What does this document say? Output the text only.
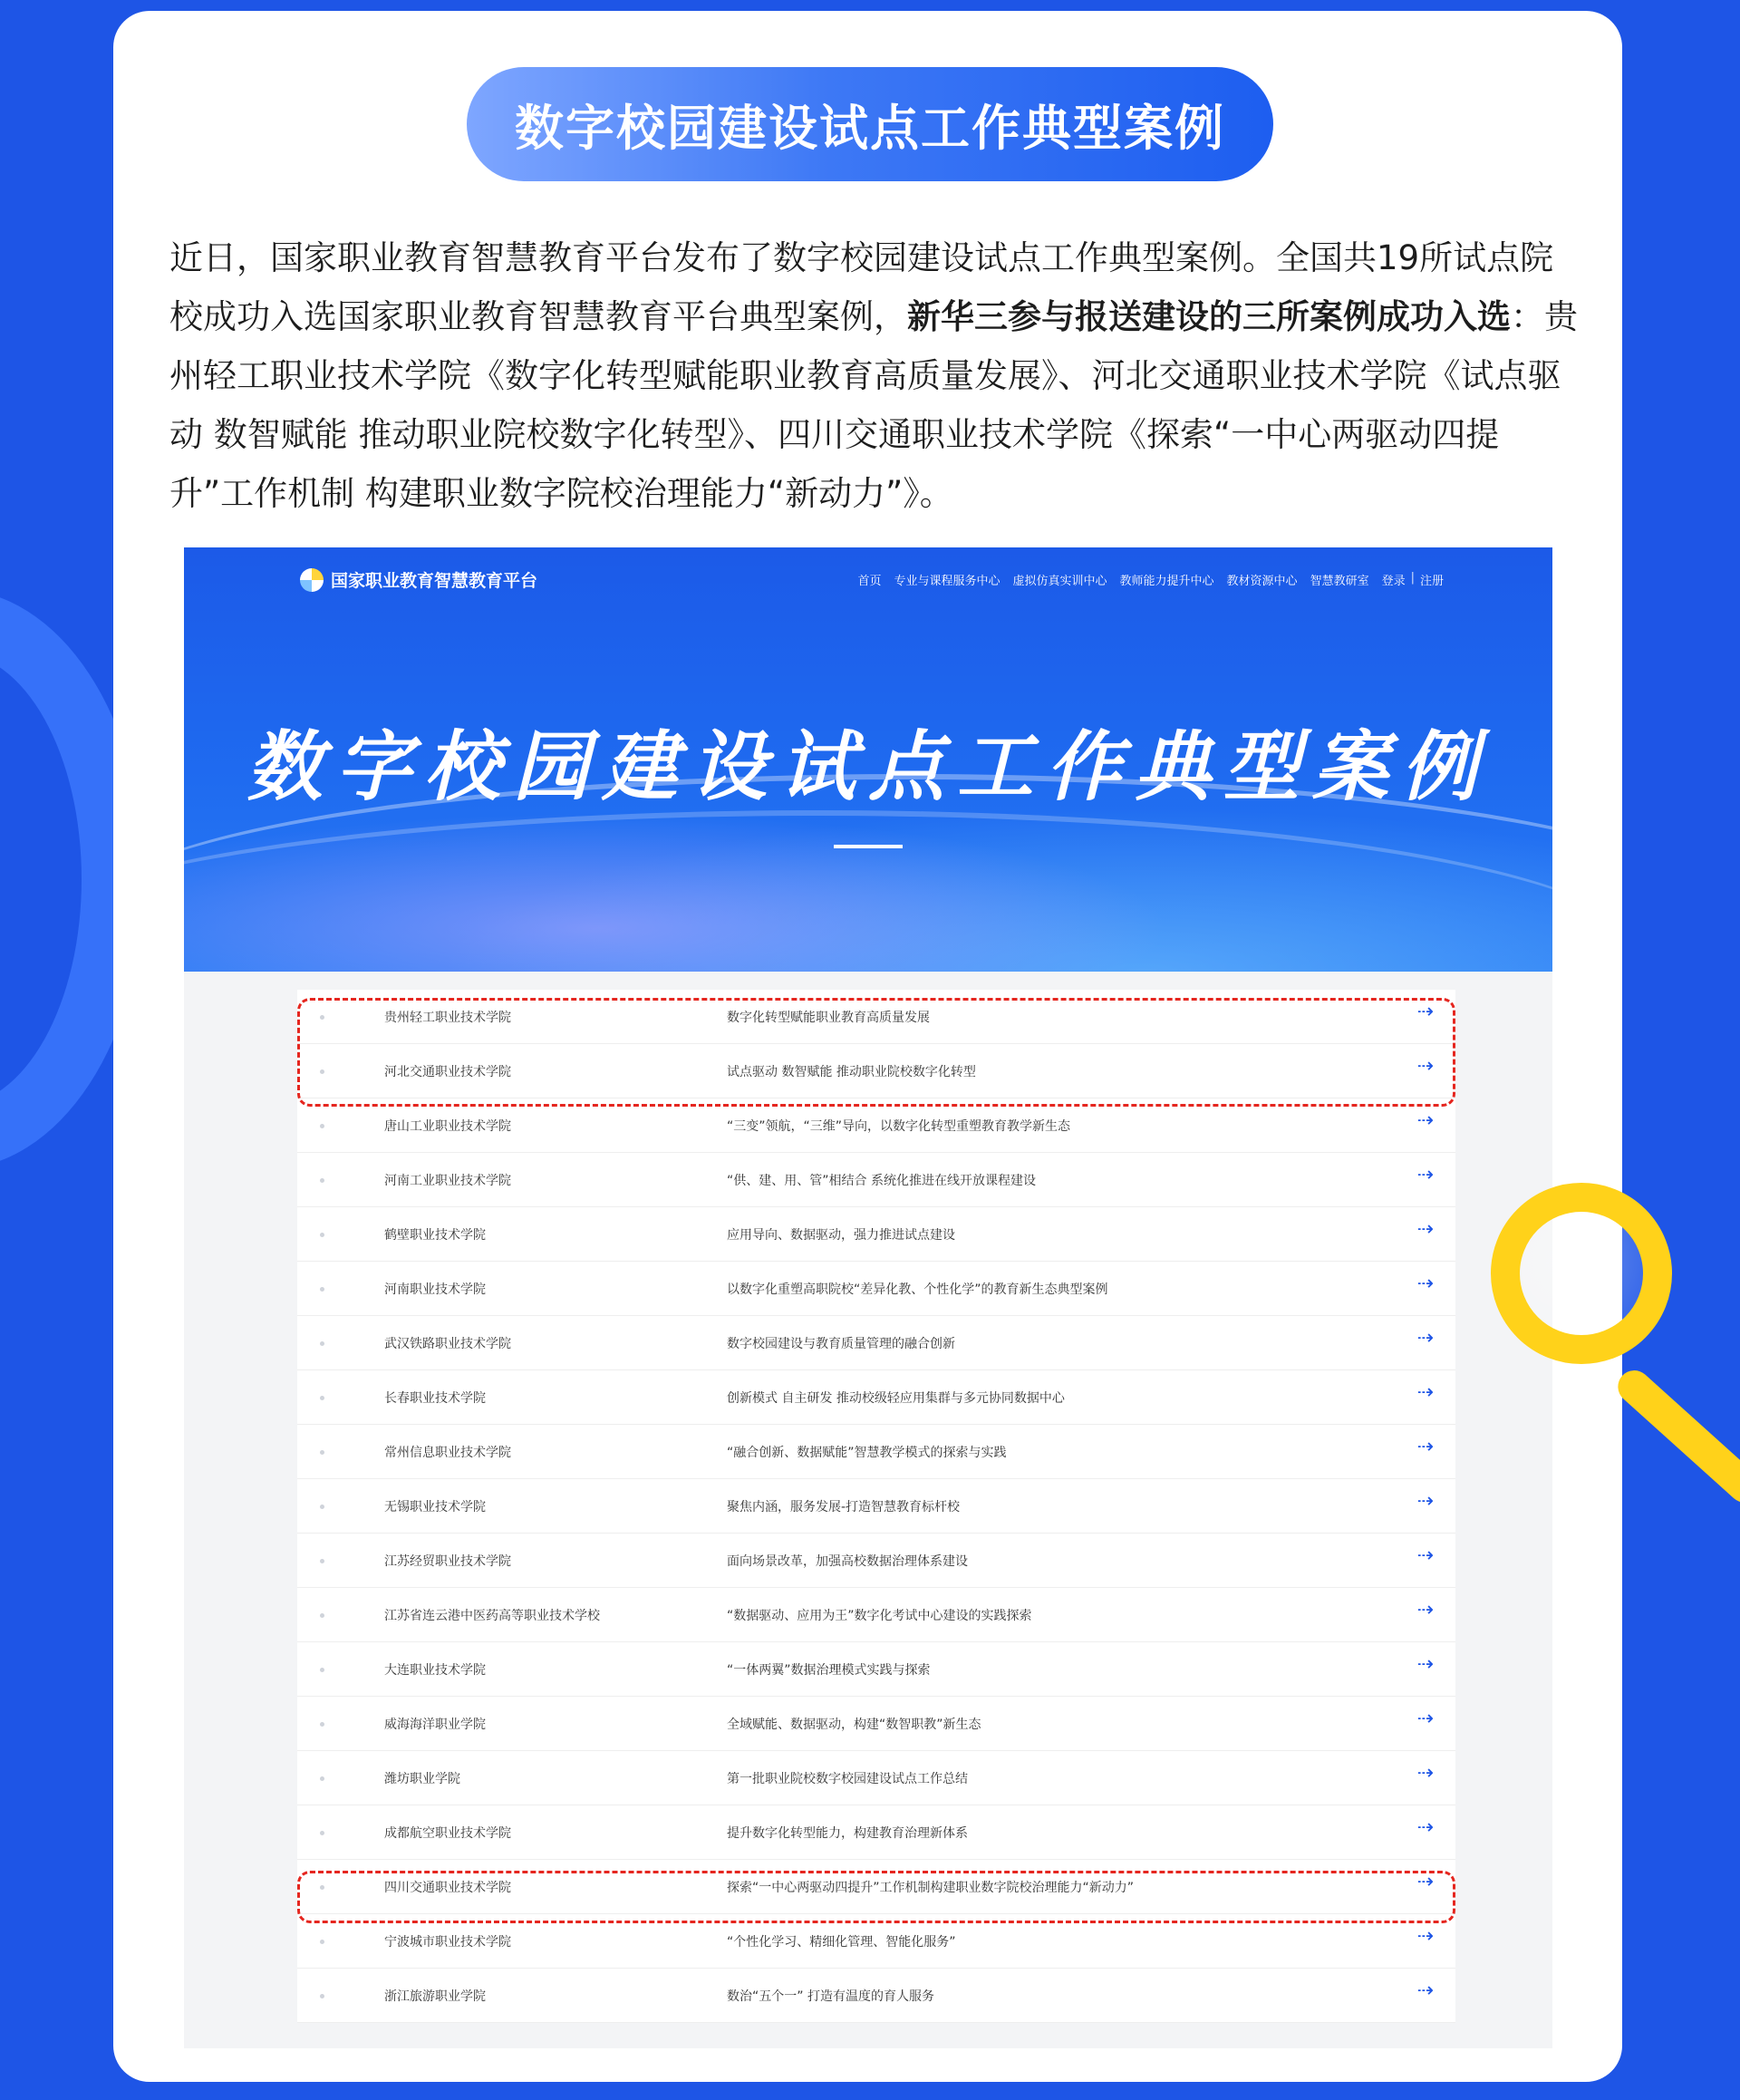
数字校园建设试点工作典型案例
近日，国家职业教育智慧教育平台发布了数字校园建设试点工作典型案例。全国共19所试点院校成功入选国家职业教育智慧教育平台典型案例，新华三参与报送建设的三所案例成功入选：贵州轻工职业技术学院《数字化转型赋能职业教育高质量发展》、河北交通职业技术学院《试点驱动 数智赋能 推动职业院校数字化转型》、四川交通职业技术学院《探索“一中心两驱动四提升”工作机制 构建职业数字院校治理能力“新动力”》。
国家职业教育智慧教育平台	首页 专业与课程服务中心 虚拟仿真实训中心 教师能力提升中心 教材资源中心 智慧教研室 登录 | 注册
数字校园建设试点工作典型案例
贵州轻工职业技术学院	数字化转型赋能职业教育高质量发展	⇢
河北交通职业技术学院	试点驱动 数智赋能 推动职业院校数字化转型	⇢
唐山工业职业技术学院	“三变”领航，“三维”导向，以数字化转型重塑教育教学新生态	⇢
河南工业职业技术学院	“供、建、用、管”相结合 系统化推进在线开放课程建设	⇢
鹤壁职业技术学院	应用导向、数据驱动，强力推进试点建设	⇢
河南职业技术学院	以数字化重塑高职院校“差异化教、个性化学”的教育新生态典型案例	⇢
武汉铁路职业技术学院	数字校园建设与教育质量管理的融合创新	⇢
长春职业技术学院	创新模式 自主研发 推动校级轻应用集群与多元协同数据中心	⇢
常州信息职业技术学院	“融合创新、数据赋能”智慧教学模式的探索与实践	⇢
无锡职业技术学院	聚焦内涵，服务发展-打造智慧教育标杆校	⇢
江苏经贸职业技术学院	面向场景改革，加强高校数据治理体系建设	⇢
江苏省连云港中医药高等职业技术学校	“数据驱动、应用为王”数字化考试中心建设的实践探索	⇢
大连职业技术学院	“一体两翼”数据治理模式实践与探索	⇢
威海海洋职业学院	全域赋能、数据驱动，构建“数智职教”新生态	⇢
潍坊职业学院	第一批职业院校数字校园建设试点工作总结	⇢
成都航空职业技术学院	提升数字化转型能力，构建教育治理新体系	⇢
四川交通职业技术学院	探索“一中心两驱动四提升”工作机制构建职业数字院校治理能力“新动力”	⇢
宁波城市职业技术学院	“个性化学习、精细化管理、智能化服务”	⇢
浙江旅游职业学院	数治“五个一” 打造有温度的育人服务	⇢
